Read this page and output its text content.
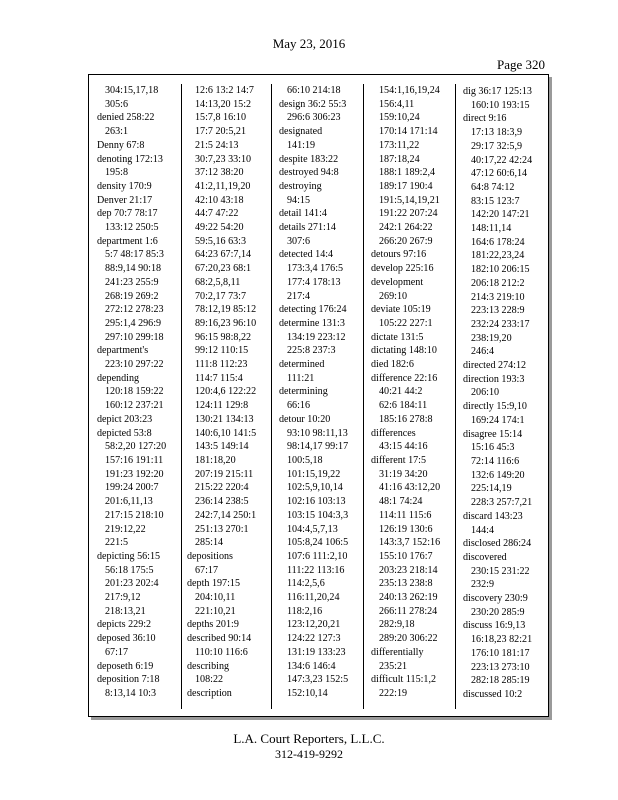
May 23, 2016
Page 320
304:15,17,18
305:6
denied 258:22
263:1
Denny 67:8
denoting 172:13
195:8
density 170:9
Denver 21:17
dep 70:7 78:17
133:12 250:5
department 1:6
5:7 48:17 85:3
88:9,14 90:18
241:23 255:9
268:19 269:2
272:12 278:23
295:1,4 296:9
297:10 299:18
department's
223:10 297:22
depending
120:18 159:22
160:12 237:21
depict 203:23
depicted 53:8
58:2,20 127:20
157:16 191:11
191:23 192:20
199:24 200:7
201:6,11,13
217:15 218:10
219:12,22
221:5
depicting 56:15
56:18 175:5
201:23 202:4
217:9,12
218:13,21
depicts 229:2
deposed 36:10
67:17
deposeth 6:19
deposition 7:18
8:13,14 10:3
12:6 13:2 14:7
14:13,20 15:2
15:7,8 16:10
17:7 20:5,21
21:5 24:13
30:7,23 33:10
37:12 38:20
41:2,11,19,20
42:10 43:18
44:7 47:22
49:22 54:20
59:5,16 63:3
64:23 67:7,14
67:20,23 68:1
68:2,5,8,11
70:2,17 73:7
78:12,19 85:12
89:16,23 96:10
96:15 98:8,22
99:12 110:15
111:8 112:23
114:7 115:4
120:4,6 122:22
124:11 129:8
130:21 134:13
140:6,10 141:5
143:5 149:14
181:18,20
207:19 215:11
215:22 220:4
236:14 238:5
242:7,14 250:1
251:13 270:1
285:14
depositions
67:17
depth 197:15
204:10,11
221:10,21
depths 201:9
described 90:14
110:10 116:6
describing
108:22
description
66:10 214:18
design 36:2 55:3
296:6 306:23
designated
141:19
despite 183:22
destroyed 94:8
destroying
94:15
detail 141:4
details 271:14
307:6
detected 14:4
173:3,4 176:5
177:4 178:13
217:4
detecting 176:24
determine 131:3
134:19 223:12
225:8 237:3
determined
111:21
determining
66:16
detour 10:20
93:10 98:11,13
98:14,17 99:17
100:5,18
101:15,19,22
102:5,9,10,14
102:16 103:13
103:15 104:3,3
104:4,5,7,13
105:8,24 106:5
107:6 111:2,10
111:22 113:16
114:2,5,6
116:11,20,24
118:2,16
123:12,20,21
124:22 127:3
131:19 133:23
134:6 146:4
147:3,23 152:5
152:10,14
154:1,16,19,24
156:4,11
159:10,24
170:14 171:14
173:11,22
187:18,24
188:1 189:2,4
189:17 190:4
191:5,14,19,21
191:22 207:24
242:1 264:22
266:20 267:9
detours 97:16
develop 225:16
development
269:10
deviate 105:19
105:22 227:1
dictate 131:5
dictating 148:10
died 182:6
difference 22:16
40:21 44:2
62:6 184:11
185:16 278:8
differences
43:15 44:16
different 17:5
31:19 34:20
41:16 43:12,20
48:1 74:24
114:11 115:6
126:19 130:6
143:3,7 152:16
155:10 176:7
203:23 218:14
235:13 238:8
240:13 262:19
266:11 278:24
282:9,18
289:20 306:22
differentially
235:21
difficult 115:1,2
222:19
dig 36:17 125:13
160:10 193:15
direct 9:16
17:13 18:3,9
29:17 32:5,9
40:17,22 42:24
47:12 60:6,14
64:8 74:12
83:15 123:7
142:20 147:21
148:11,14
164:6 178:24
181:22,23,24
182:10 206:15
206:18 212:2
214:3 219:10
223:13 228:9
232:24 233:17
238:19,20
246:4
directed 274:12
direction 193:3
206:10
directly 15:9,10
169:24 174:1
disagree 15:14
15:16 45:3
72:14 116:6
132:6 149:20
225:14,19
228:3 257:7,21
discard 143:23
144:4
disclosed 286:24
discovered
230:15 231:22
232:9
discovery 230:9
230:20 285:9
discuss 16:9,13
16:18,23 82:21
176:10 181:17
223:13 273:10
282:18 285:19
discussed 10:2
L.A. Court Reporters, L.L.C.
312-419-9292
